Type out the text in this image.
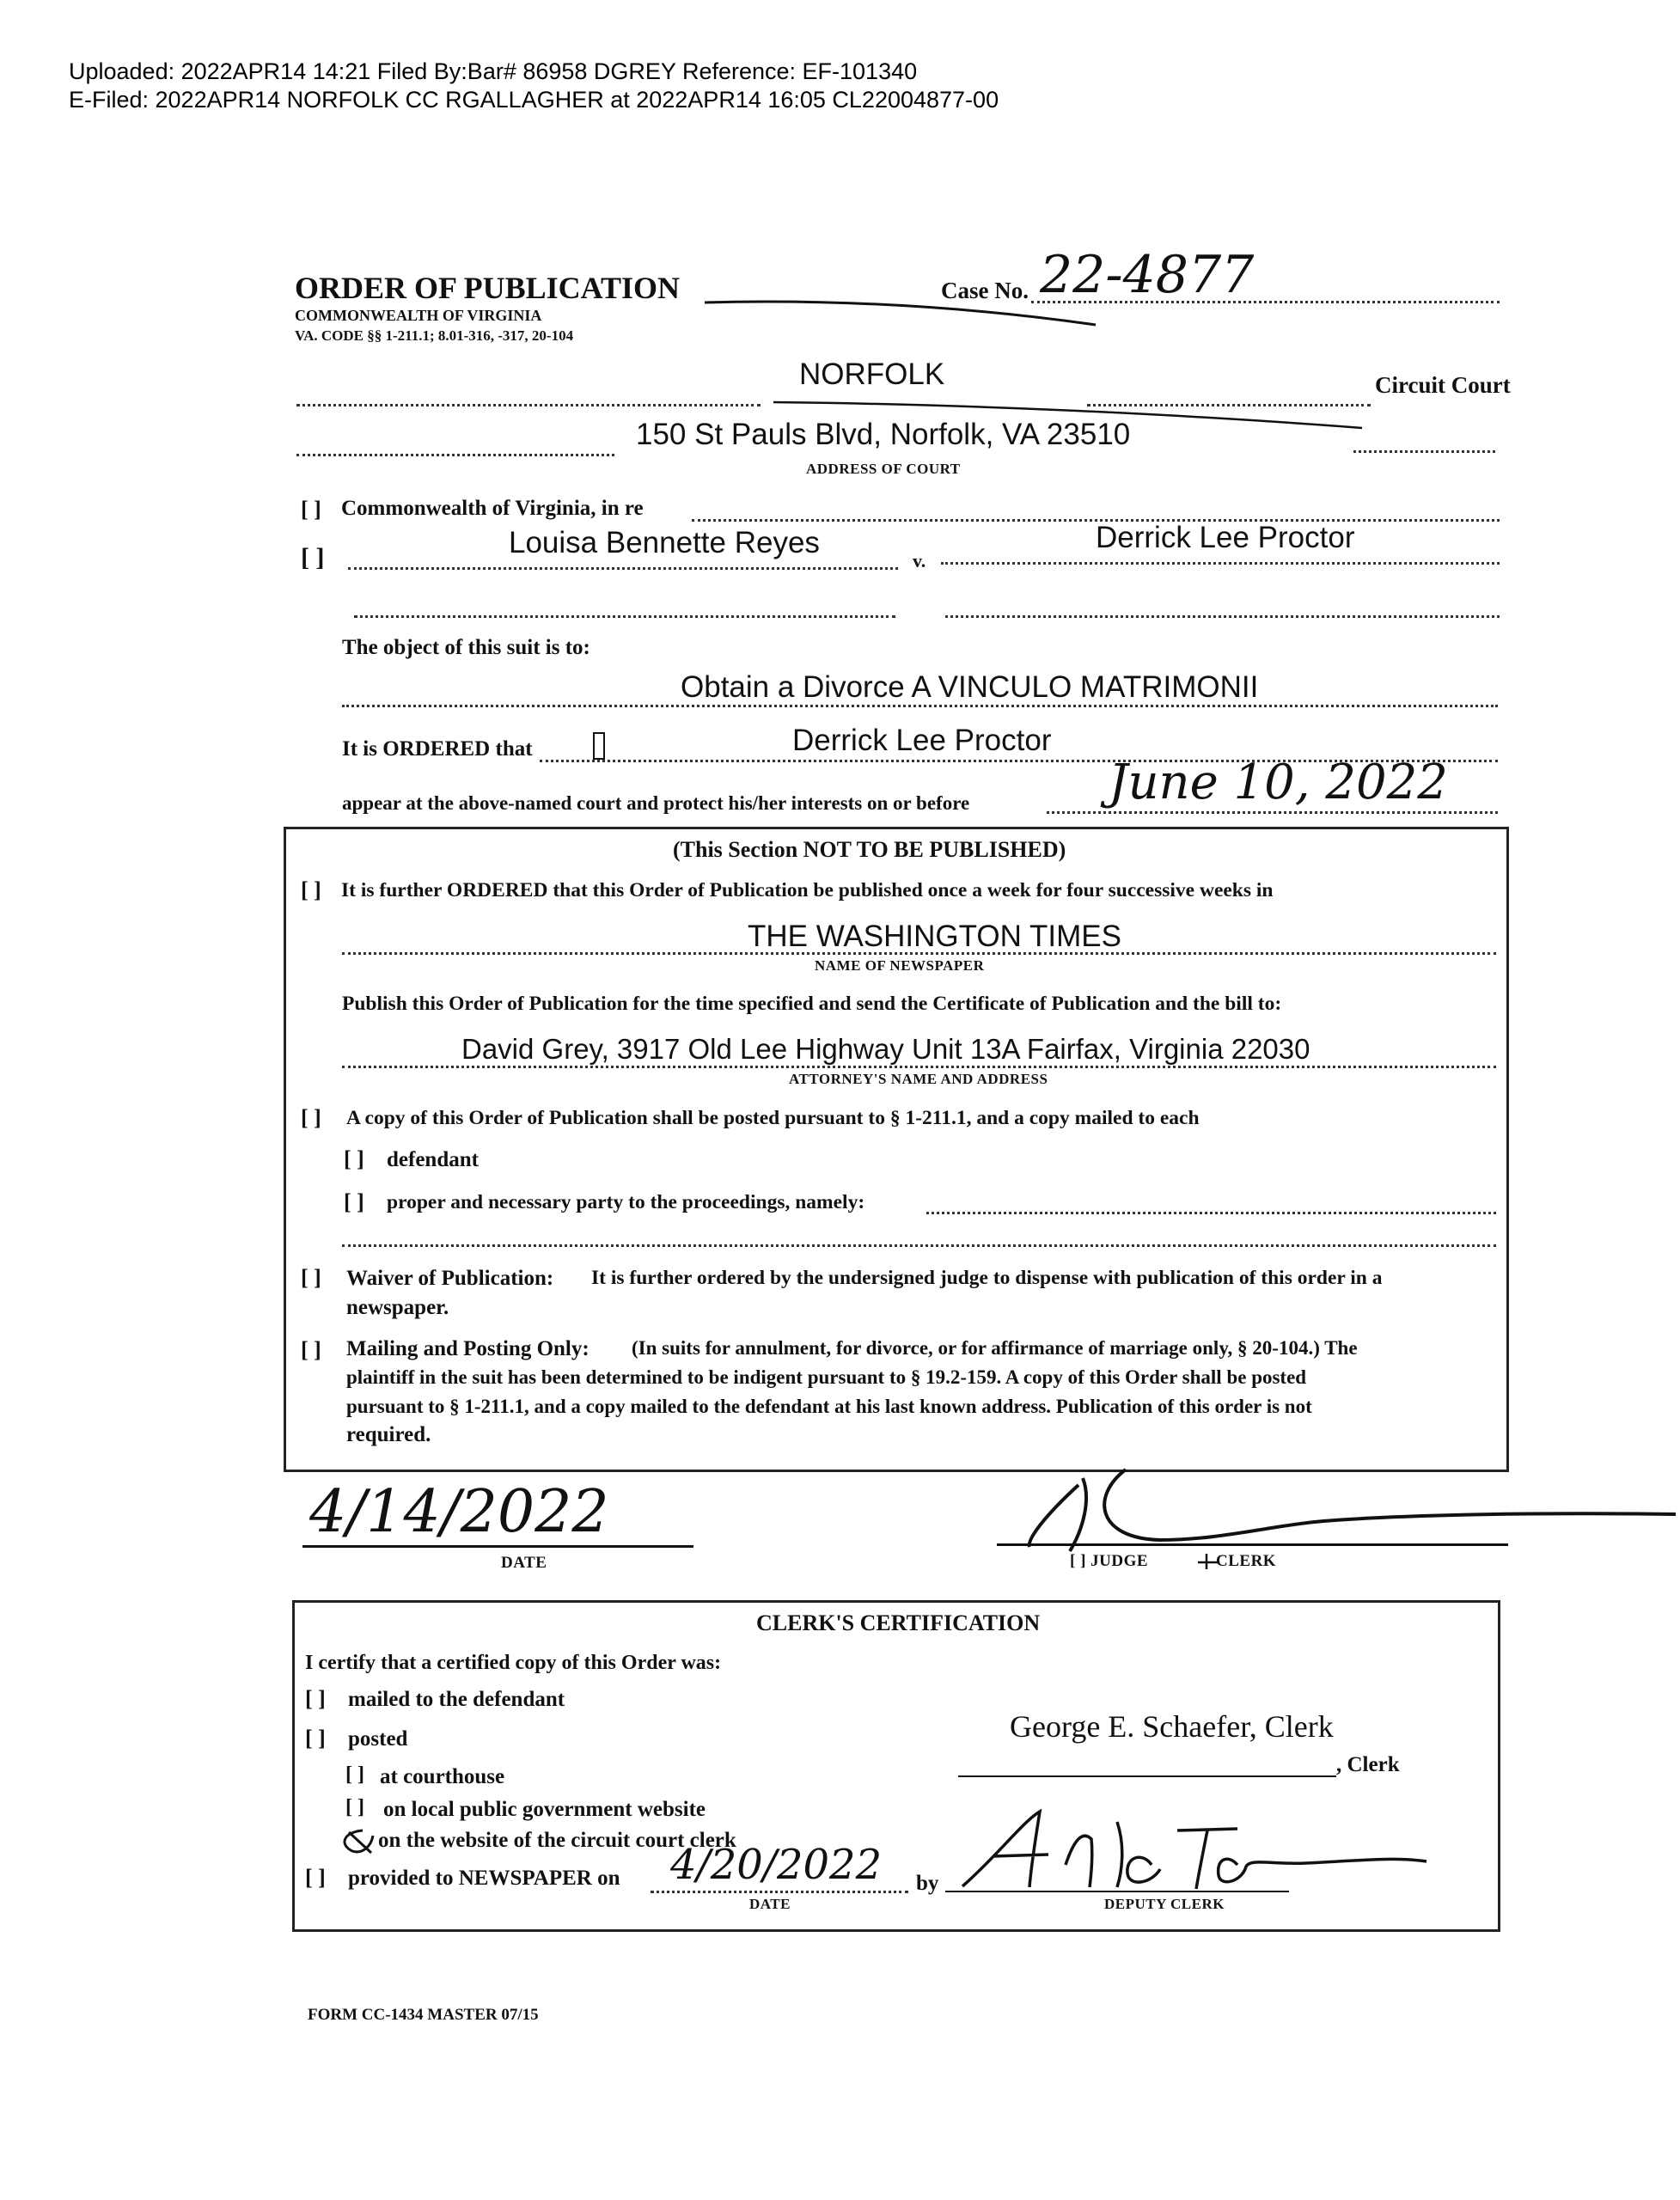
Uploaded: 2022APR14 14:21 Filed By:Bar# 86958 DGREY Reference: EF-101340
E-Filed: 2022APR14 NORFOLK CC RGALLAGHER at 2022APR14 16:05 CL22004877-00
ORDER OF PUBLICATION
COMMONWEALTH OF VIRGINIA
VA. CODE §§ 1-211.1; 8.01-316, -317, 20-104
Case No. 22-4877
NORFOLK	Circuit Court
150 St Pauls Blvd, Norfolk, VA 23510
ADDRESS OF COURT
[ ] Commonwealth of Virginia, in re
[ ]	Louisa Bennette Reyes
v.
Derrick Lee Proctor
The object of this suit is to:
Obtain a Divorce A VINCULO MATRIMONII
It is ORDERED that	Derrick Lee Proctor
appear at the above-named court and protect his/her interests on or before	June 10, 2022
(This Section NOT TO BE PUBLISHED)
[ ] It is further ORDERED that this Order of Publication be published once a week for four successive weeks in
THE WASHINGTON TIMES
NAME OF NEWSPAPER
Publish this Order of Publication for the time specified and send the Certificate of Publication and the bill to:
David Grey, 3917 Old Lee Highway Unit 13A Fairfax, Virginia 22030
ATTORNEY'S NAME AND ADDRESS
[ ] A copy of this Order of Publication shall be posted pursuant to § 1-211.1, and a copy mailed to each
[ ] defendant
[ ] proper and necessary party to the proceedings, namely:
[ ] Waiver of Publication: It is further ordered by the undersigned judge to dispense with publication of this order in a
newspaper.
[ ] Mailing and Posting Only: (In suits for annulment, for divorce, or for affirmance of marriage only, § 20-104.) The
plaintiff in the suit has been determined to be indigent pursuant to § 19.2-159. A copy of this Order shall be posted
pursuant to § 1-211.1, and a copy mailed to the defendant at his last known address. Publication of this order is not
required.
4/14/2022
DATE	[ ] JUDGE	CLERK
CLERK'S CERTIFICATION
I certify that a certified copy of this Order was:
[ ] mailed to the defendant
[ ] posted
[ ] at courthouse
[ ] on local public government website
on the website of the circuit court clerk
[ ] provided to NEWSPAPER on 4/20/2022
DATE
by
George E. Schaefer, Clerk
, Clerk
DEPUTY CLERK
FORM CC-1434 MASTER 07/15
